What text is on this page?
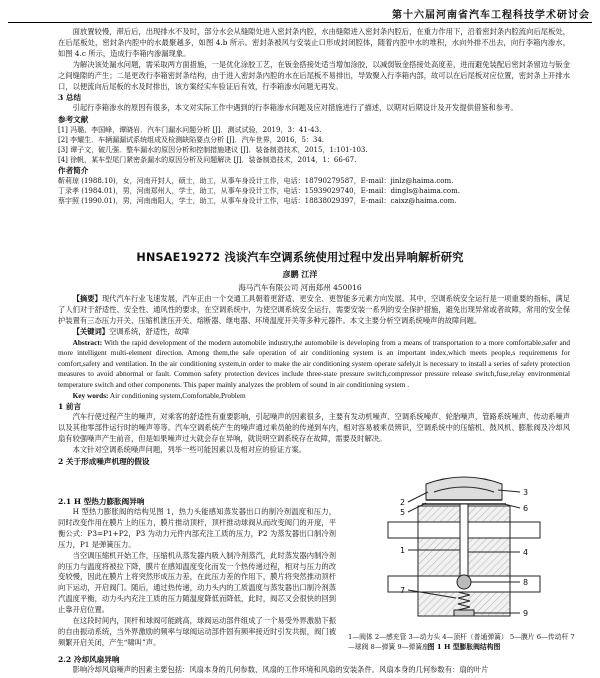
第十六届河南省汽车工程科技学术研讨会
面放置较慢，滞后后，出现排水不及时，部分水会从缝隙处进入密封条内腔，水由缝隙进入密封条内腔后，在重力作用下，沿着密封条内腔流向后尾板处，在后尾板处，密封条内腔中的水最聚越多，如图 4.b 所示。密封条被风与安装止口形成封闭腔体，随着内腔中水的堆积，水向外排不出去，向行李箱内渗水，如图 4.c 所示，造成行李箱内渗漏现象。
为解决该处漏水问题，需采取两方面措施，一是优化涂胶工艺，在钣金搭接处适当增加涂胶，以减弱钣金搭接处高度差，进而避免装配后密封条留边与钣金之间缝隙的产生；二是更改行李箱密封条结构，由于进入密封条内腔的水在后尾板不易排出，导致聚入行李箱内部，故可以在后尾板对应位置，密封条上开排水口，以便流向后尾板的水及时排出，该方案经实车验证后有效，行李箱渗水问题无再发。
3 总结
引起行李箱渗水的原因有很多，本文对实际工作中遇到的行李箱渗水问题及应对措施进行了描述，以期对后期设计及开发提供借鉴和参考。
参考文献
[1] 冯璐，李国峰，谭晓岩．汽车门漏水问题分析 [J]．测试试验，2019，3：41-43.
[2] 李耀生．车辆漏漏试系统组成及检测缺陷要点分析 [J]．汽车世界，2016，5：34.
[3] 谭子文，破几强．整车漏水的原因分析和控制措施建议 [J]．装备制造技术，2015，1:101-103.
[4] 徐帆，某车型尾门紧密条漏水的原因分析及问题解决 [J]．装备制造技术，2014，1：66-67.
作者简介
靳莉琼 (1988.10)，女，河南开封人，硕士，助工，从事车身设计工作，电话：18790279587，E-mail：jinlz@haima.com.
丁录孝 (1984.01)，男，河南郑州人，学士，助工，从事车身设计工作，电话：15939029740，E-mail：dingls@haima.com.
蔡宇照 (1990.01)，男，河南南阳人，学士，助工，从事车身设计工作，电话：18838029397，E-mail：caixz@haima.com.
HNSAE19272 浅谈汽车空调系统使用过程中发出异响解析研究
彦鹏 江洋
海马汽车有限公司 河南郑州 450016
【摘要】现代汽车行业飞速发展，汽车正由一个交通工具朝着更舒适、更安全、更智能多元素方向发展。其中，空调系统安全运行是一项重要的指标，满足了人们对于舒适性、安全性、通风性的要求，在空调系统中，为使空调系统安全运行，需要安装一系列的安全保护措施，避免出现异常或者故障，常用的安全保护装置有三态压力开关、压缩机泄压开关、熔断器、继电器、环境温度开关等多种元器件。本文主要分析空调系统噪声的故障问题。
【关键词】空调系统，舒适性，故障
Abstract: With the rapid development of the modern automobile industry,the automobile is developing from a means of transportation to a more comfortable,safer and more intelligent multi-element direction. Among them,the safe operation of air conditioning system is an important index,which meets people,s requirements for comfort,safety and ventilation. In the air conditioning system,in order to make the air conditioning system operate safely,it is necessary to install a series of safety protection measures to avoid abnormal or fault. Common safety protection devices include three-state pressure switch,compressor pressure release switch,fuse,relay environmental temperature switch and other components. This paper mainly analyzes the problem of sound in air conditioning system .
Key words: Air conditioning system,Comfortable,Problem
1 前言
汽车行使过程产生的噪声，对乘客的舒适性有重要影响，引起噪声的因素很多，主要有发动机噪声、空调系统噪声、轮胎噪声、管路系统噪声、传动系噪声以及其他零部件运行时的噪声等等。汽车空调系统产生的噪声通过乘员舱的传递到车内，相对容易被乘员辨识，空调系统中的压缩机、鼓风机、膨胀阀及冷却风扇有较强噪声产生前音，但是如果噪声过大就会存在异响，就说明空调系统存在故障，需要及时解决。
本文针对空调系统噪声问题，列举一些可能因素以及相对应的验证方案。
2 关于形成噪声机理的假设
2.1 H 型热力膨胀阀异响
H 型热力膨胀阀的结构见图 1，热力头能感知蒸发器出口的制冷剂温度和压力，同时改变作用在膜片上的压力，膜片推动顶杆，顶杆推动球阀从而改变阀门的开度，平衡公式：P3=P1+P2，P3 为动力元件内部充注工质的压力，P2 为蒸发器出口制冷剂压力，P1 是弹簧压力。
当空调压缩机开始工作，压缩机从蒸发器内吸入制冷剂蒸汽，此时蒸发器内制冷剂的压力与温度将被拉下降，膜片在感知温度变化而发一个热传递过程，相对与压力的改变较慢，因此在膜片上将突然形成压力差，在此压力差的作用下，膜片将突然推动顶杆向下运动，开启阀门。随后，通过热传递，动力头内的工质温度与蒸发器出口制冷剂蒸汽温度平衡，动力头内充注工质的压力随温度降低而降低，此时，阀芯又会很快的回到止靠开启位置。
在这段时间内，顶杆和球阀可能跳高，球阀运动部件组成了一个易受外界激励下振的自由振动系统，当外界激励的频率与球阀运动部件固有频率接近时引发共振，阀门被频繁开启关闭，产生“啸叫”声。
2.2 冷却风扇异响
影响冷却风扇噪声的因素主要包括：风扇本身的几何参数、风扇的工作环境和风扇的安装条件。风扇本身的几何参数有：扇的叶片
2
5
1
7
3
6
4
8
9
1—阀体 2—感充管 3—动力头 4—顶杆（普通弹簧） 5—膜片 6—传动杆 7—球阀 8—弹簧 9—弹簧座
图 1 H 型膨胀阀结构图
